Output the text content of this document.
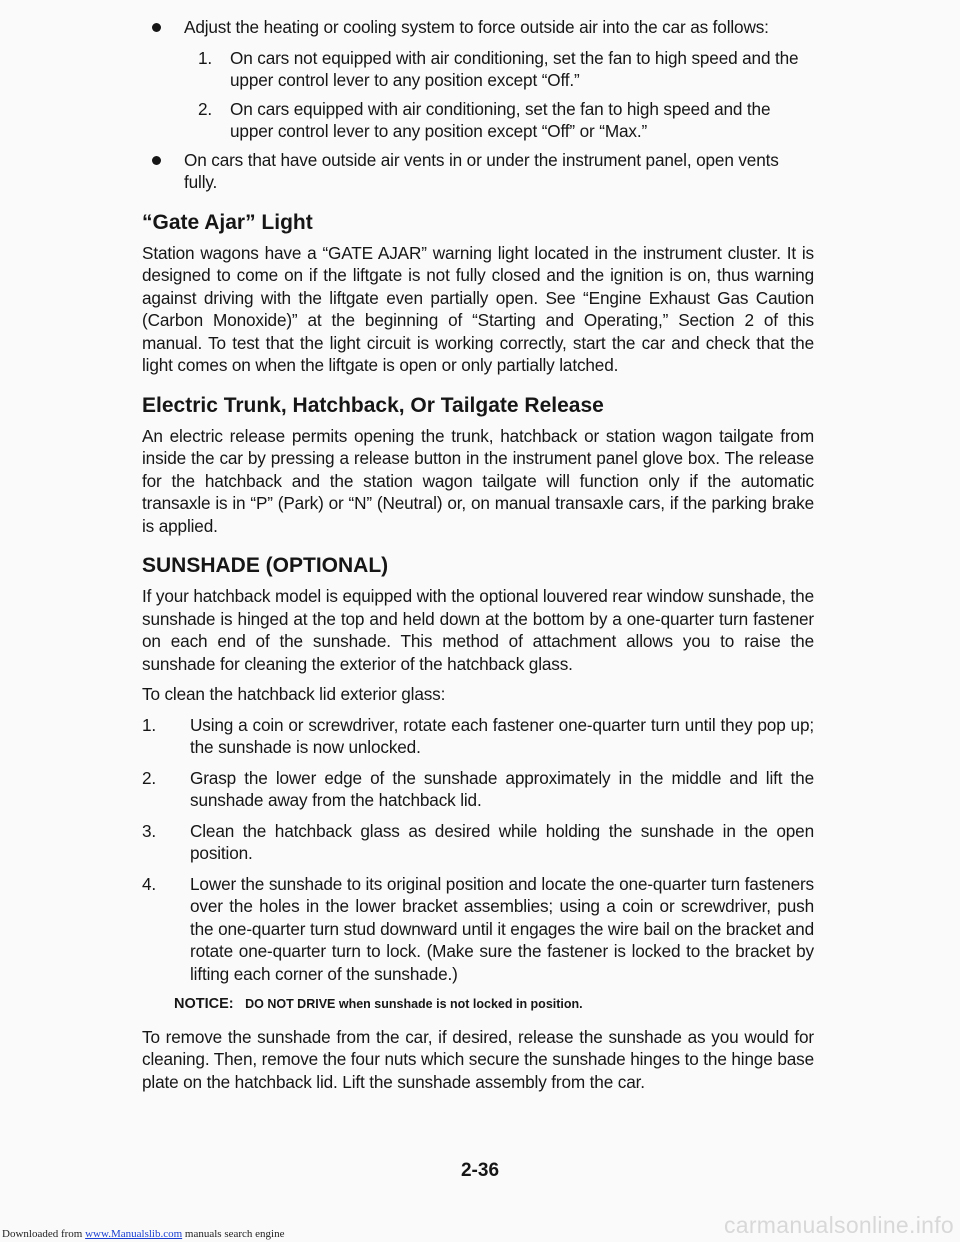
Adjust the heating or cooling system to force outside air into the car as follows:
1. On cars not equipped with air conditioning, set the fan to high speed and the upper control lever to any position except “Off.”
2. On cars equipped with air conditioning, set the fan to high speed and the upper control lever to any position except “Off” or “Max.”
On cars that have outside air vents in or under the instrument panel, open vents fully.
“Gate Ajar” Light

Station wagons have a “GATE AJAR” warning light located in the instrument cluster. It is designed to come on if the liftgate is not fully closed and the ignition is on, thus warning against driving with the liftgate even partially open. See “Engine Exhaust Gas Caution (Carbon Monoxide)” at the beginning of “Starting and Operating,” Section 2 of this manual. To test that the light circuit is working correctly, start the car and check that the light comes on when the liftgate is open or only partially latched.

Electric Trunk, Hatchback, Or Tailgate Release

An electric release permits opening the trunk, hatchback or station wagon tailgate from inside the car by pressing a release button in the instrument panel glove box. The release for the hatchback and the station wagon tailgate will function only if the automatic transaxle is in “P” (Park) or “N” (Neutral) or, on manual transaxle cars, if the parking brake is applied.

SUNSHADE (OPTIONAL)

If your hatchback model is equipped with the optional louvered rear window sunshade, the sunshade is hinged at the top and held down at the bottom by a one-quarter turn fastener on each end of the sunshade. This method of attachment allows you to raise the sunshade for cleaning the exterior of the hatchback glass.

To clean the hatchback lid exterior glass:

1. Using a coin or screwdriver, rotate each fastener one-quarter turn until they pop up; the sunshade is now unlocked.
2. Grasp the lower edge of the sunshade approximately in the middle and lift the sunshade away from the hatchback lid.
3. Clean the hatchback glass as desired while holding the sunshade in the open position.
4. Lower the sunshade to its original position and locate the one-quarter turn fasteners over the holes in the lower bracket assemblies; using a coin or screwdriver, push the one-quarter turn stud downward until it engages the wire bail on the bracket and rotate one-quarter turn to lock. (Make sure the fastener is locked to the bracket by lifting each corner of the sunshade.)
NOTICE: DO NOT DRIVE when sunshade is not locked in position.

To remove the sunshade from the car, if desired, release the sunshade as you would for cleaning. Then, remove the four nuts which secure the sunshade hinges to the hinge base plate on the hatchback lid. Lift the sunshade assembly from the car.

2-36
Downloaded from www.Manualslib.com manuals search engine	carmanualsonline.info
